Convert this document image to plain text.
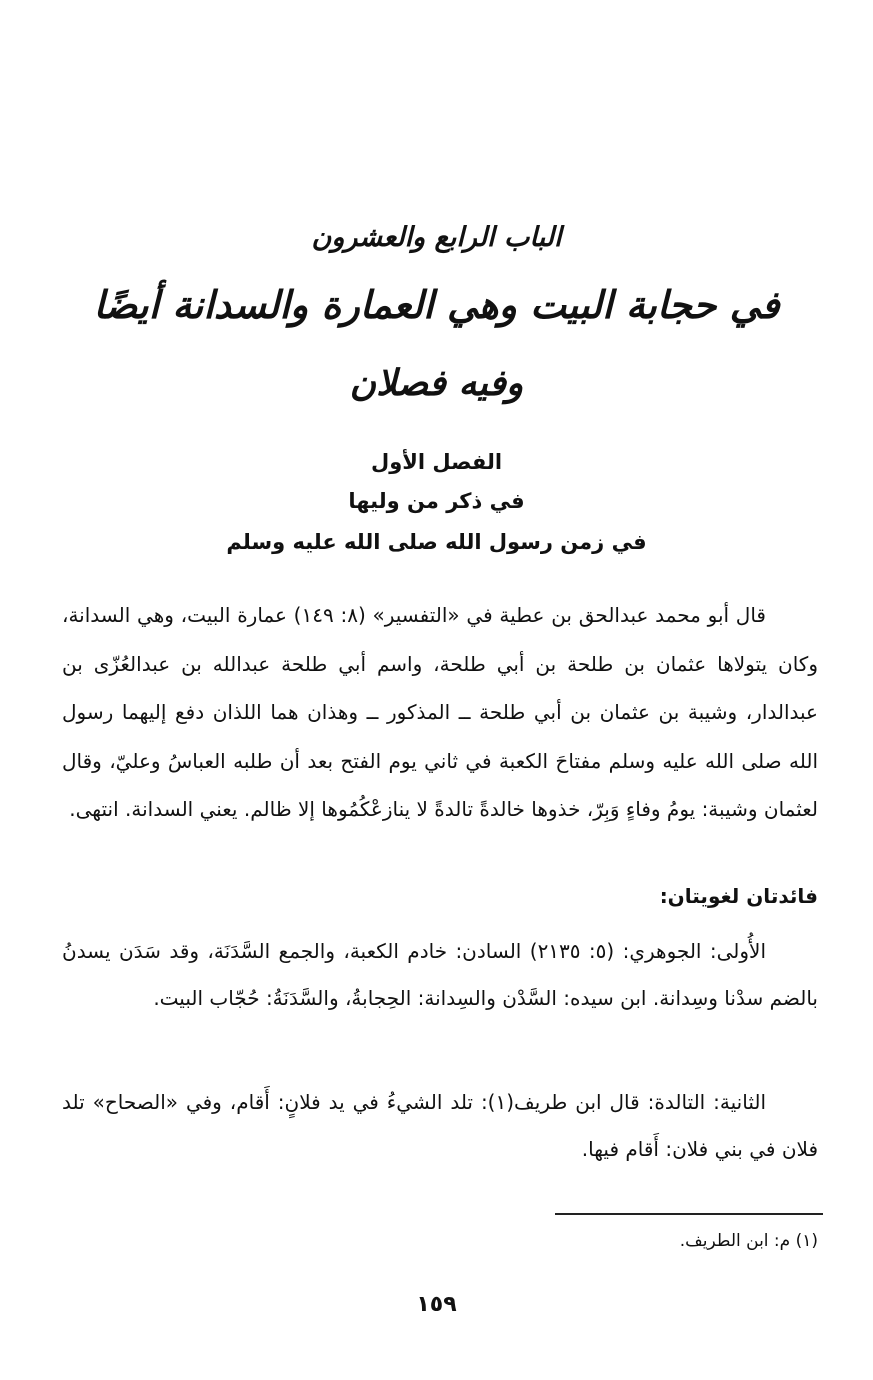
الباب الرابع والعشرون
في حجابة البيت وهي العمارة والسدانة أيضًا
وفيه فصلان
الفصل الأول
في ذكر من وليها
في زمن رسول الله صلى الله عليه وسلم

قال أبو محمد عبدالحق بن عطية في «التفسير» (٨: ١٤٩) عمارة البيت، وهي السدانة، وكان يتولاها عثمان بن طلحة بن أبي طلحة، واسم أبي طلحة عبدالله بن عبدالعُزّى بن عبدالدار، وشيبة بن عثمان بن أبي طلحة ــ المذكور ــ وهذان هما اللذان دفع إليهما رسول الله صلى الله عليه وسلم مفتاحَ الكعبة في ثاني يوم الفتح بعد أن طلبه العباسُ وعليّ، وقال لعثمان وشيبة: يومُ وفاءٍ وَبِرّ، خذوها خالدةً تالدةً لا ينازعْكُمُوها إلا ظالم. يعني السدانة. انتهى.

فائدتان لغويتان:

الأُولى: الجوهري: (٥: ٢١٣٥) السادن: خادم الكعبة، والجمع السَّدَنَة، وقد سَدَن يسدنُ بالضم سدْنا وسِدانة. ابن سيده: السَّدْن والسِدانة: الحِجابةُ، والسَّدَنَةُ: حُجّاب البيت.

الثانية: التالدة: قال ابن طريف(١): تلد الشيءُ في يد فلانٍ: أَقام، وفي «الصحاح» تلد فلان في بني فلان: أَقام فيها.

(١) م: ابن الطريف.
١٥٩
